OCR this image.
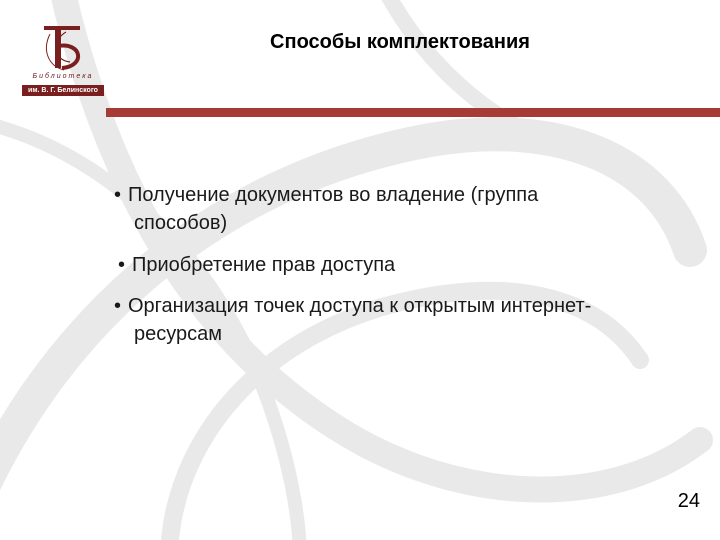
Библиотека
им. В. Г. Белинского
Способы комплектования
• Получение документов во владение (группа
способов)
• Приобретение прав доступа
• Организация точек доступа к открытым интернет-
ресурсам
24
